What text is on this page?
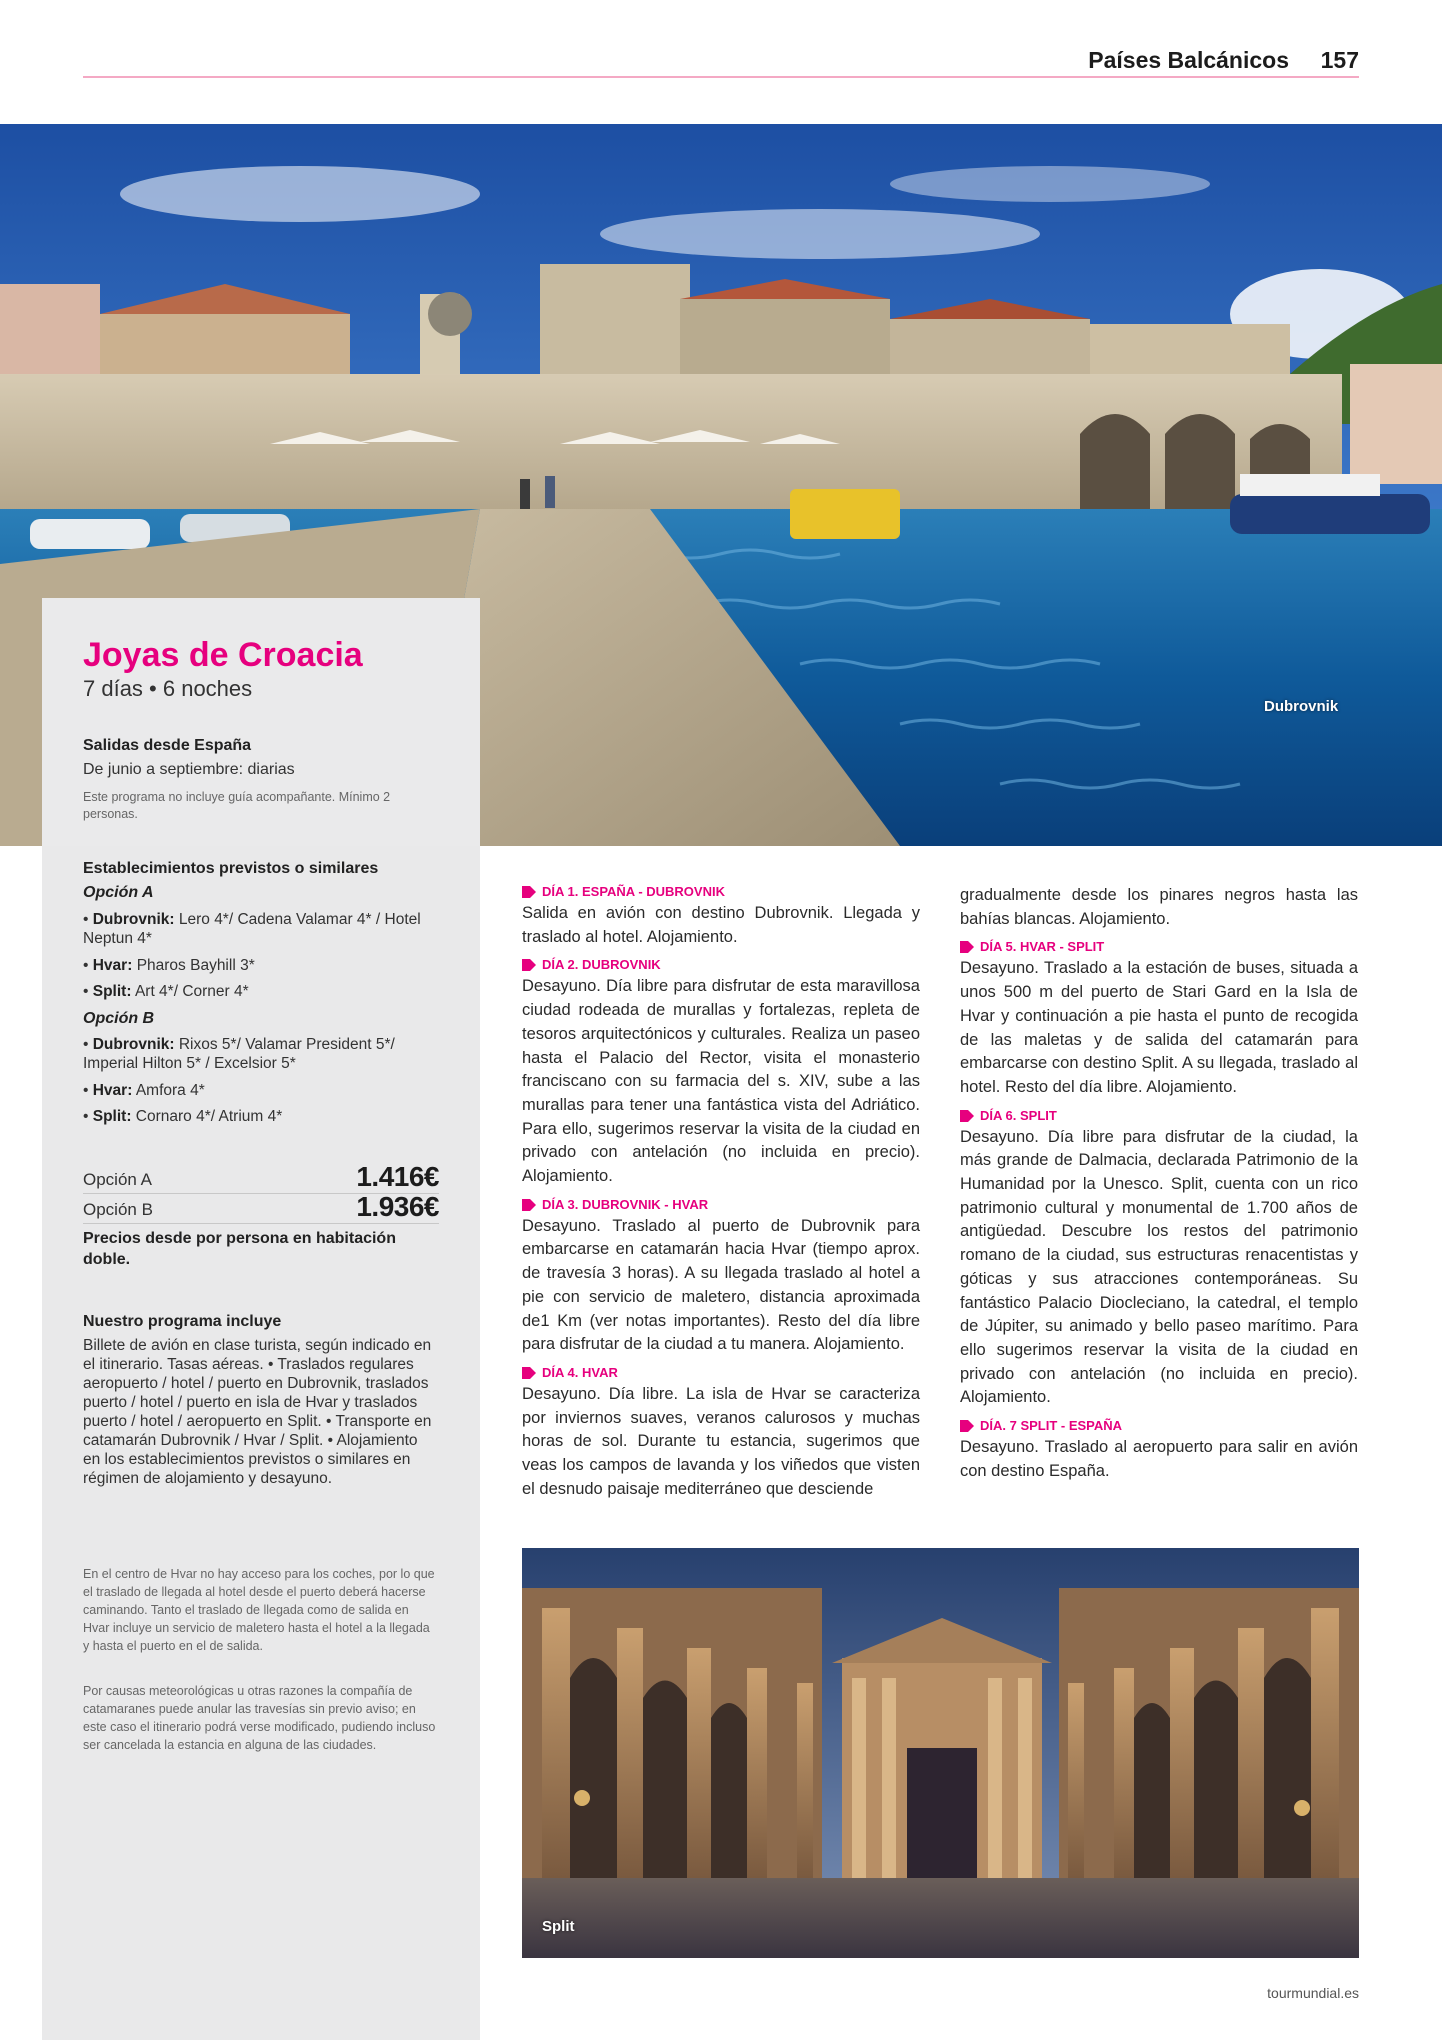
Países Balcánicos 157
Dubrovnik
Joyas de Croacia
7 días • 6 noches
Salidas desde España
De junio a septiembre: diarias
Este programa no incluye guía acompañante. Mínimo 2 personas.
Establecimientos previstos o similares
Opción A
• Dubrovnik: Lero 4*/ Cadena Valamar 4* / Hotel Neptun 4*
• Hvar: Pharos Bayhill 3*
• Split: Art 4*/ Corner 4*
Opción B
• Dubrovnik: Rixos 5*/ Valamar President 5*/ Imperial Hilton 5* / Excelsior 5*
• Hvar: Amfora 4*
• Split: Cornaro 4*/ Atrium 4*
Opción A	1.416€
Opción B	1.936€
Precios desde por persona en habitación doble.
Nuestro programa incluye
Billete de avión en clase turista, según indicado en el itinerario. Tasas aéreas. • Traslados regulares aeropuerto / hotel / puerto en Dubrovnik, traslados puerto / hotel / puerto en isla de Hvar y traslados puerto / hotel / aeropuerto en Split. • Transporte en catamarán Dubrovnik / Hvar / Split. • Alojamiento en los establecimientos previstos o similares en régimen de alojamiento y desayuno.
En el centro de Hvar no hay acceso para los coches, por lo que el traslado de llegada al hotel desde el puerto deberá hacerse caminando. Tanto el traslado de llegada como de salida en Hvar incluye un servicio de maletero hasta el hotel a la llegada y hasta el puerto en el de salida.
Por causas meteorológicas u otras razones la compañía de catamaranes puede anular las travesías sin previo aviso; en este caso el itinerario podrá verse modificado, pudiendo incluso ser cancelada la estancia en alguna de las ciudades.
DÍA 1. ESPAÑA - DUBROVNIK
Salida en avión con destino Dubrovnik. Llegada y traslado al hotel. Alojamiento.
DÍA 2. DUBROVNIK
Desayuno. Día libre para disfrutar de esta maravillosa ciudad rodeada de murallas y fortalezas, repleta de tesoros arquitectónicos y culturales. Realiza un paseo hasta el Palacio del Rector, visita el monasterio franciscano con su farmacia del s. XIV, sube a las murallas para tener una fantástica vista del Adriático. Para ello, sugerimos reservar la visita de la ciudad en privado con antelación (no incluida en precio). Alojamiento.
DÍA 3. DUBROVNIK - HVAR
Desayuno. Traslado al puerto de Dubrovnik para embarcarse en catamarán hacia Hvar (tiempo aprox. de travesía 3 horas). A su llegada traslado al hotel a pie con servicio de maletero, distancia aproximada de1 Km (ver notas importantes). Resto del día libre para disfrutar de la ciudad a tu manera. Alojamiento.
DÍA 4. HVAR
Desayuno. Día libre. La isla de Hvar se caracteriza por inviernos suaves, veranos calurosos y muchas horas de sol. Durante tu estancia, sugerimos que veas los campos de lavanda y los viñedos que visten el desnudo paisaje mediterráneo que desciende
gradualmente desde los pinares negros hasta las bahías blancas. Alojamiento.
DÍA 5. HVAR - SPLIT
Desayuno. Traslado a la estación de buses, situada a unos 500 m del puerto de Stari Gard en la Isla de Hvar y continuación a pie hasta el punto de recogida de las maletas y de salida del catamarán para embarcarse con destino Split. A su llegada, traslado al hotel. Resto del día libre. Alojamiento.
DÍA 6. SPLIT
Desayuno. Día libre para disfrutar de la ciudad, la más grande de Dalmacia, declarada Patrimonio de la Humanidad por la Unesco. Split, cuenta con un rico patrimonio cultural y monumental de 1.700 años de antigüedad. Descubre los restos del patrimonio romano de la ciudad, sus estructuras renacentistas y góticas y sus atracciones contemporáneas. Su fantástico Palacio Diocleciano, la catedral, el templo de Júpiter, su animado y bello paseo marítimo. Para ello sugerimos reservar la visita de la ciudad en privado con antelación (no incluida en precio). Alojamiento.
DÍA. 7 SPLIT - ESPAÑA
Desayuno. Traslado al aeropuerto para salir en avión con destino España.
Split
tourmundial.es
